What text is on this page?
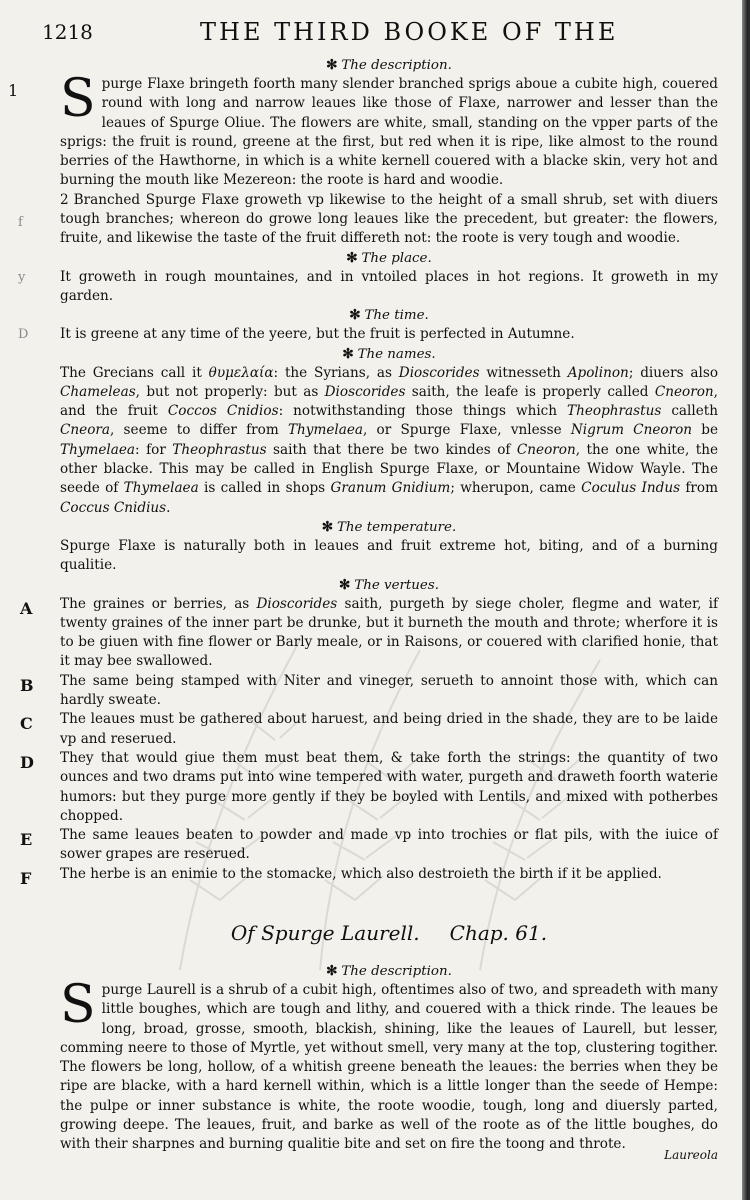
1218	THE THIRD BOOKE OF THE

✻ The description.

1 S purge Flaxe bringeth foorth many slender branched sprigs aboue a cubite high, couered round with long and narrow leaues like those of Flaxe, narrower and lesser than the leaues of Spurge Oliue. The flowers are white, small, standing on the vpper parts of the sprigs: the fruit is round, greene at the first, but red when it is ripe, like almost to the round berries of the Hawthorne, in which is a white kernell couered with a blacke skin, very hot and burning the mouth like Mezereon: the roote is hard and woodie.
f
2 Branched Spurge Flaxe groweth vp likewise to the height of a small shrub, set with diuers tough branches; whereon do growe long leaues like the precedent, but greater: the flowers, fruite, and likewise the taste of the fruit differeth not: the roote is very tough and woodie.

✻ The place.

y	It groweth in rough mountaines, and in vntoiled places in hot regions. It groweth in my garden.

✻ The time.

D It is greene at any time of the yeere, but the fruit is perfected in Autumne.

✻ The names.

The Grecians call it θυμελαία: the Syrians, as Dioscorides witnesseth Apolinon; diuers also Chameleas, but not properly: but as Dioscorides saith, the leafe is properly called Cneoron, and the fruit Coccos Cnidios: notwithstanding those things which Theophrastus calleth Cneora, seeme to differ from Thymelaea, or Spurge Flaxe, vnlesse Nigrum Cneoron be Thymelaea: for Theophrastus saith that there be two kindes of Cneoron, the one white, the other blacke. This may be called in English Spurge Flaxe, or Mountaine Widow Wayle. The seede of Thymelaea is called in shops Granum Gnidium; wherupon, came Coculus Indus from Coccus Cnidius.

✻ The temperature.

Spurge Flaxe is naturally both in leaues and fruit extreme hot, biting, and of a burning qualitie.

✻ The vertues.

A The graines or berries, as Dioscorides saith, purgeth by siege choler, flegme and water, if twenty graines of the inner part be drunke, but it burneth the mouth and throte; wherfore it is to be giuen with fine flower or Barly meale, or in Raisons, or couered with clarified honie, that it may bee swallowed.
B The same being stamped with Niter and vineger, serueth to annoint those with, which can hardly sweate.
C The leaues must be gathered about haruest, and being dried in the shade, they are to be laide vp and reserued.
D They that would giue them must beat them, & take forth the strings: the quantity of two ounces and two drams put into wine tempered with water, purgeth and draweth foorth waterie humors: but they purge more gently if they be boyled with Lentils, and mixed with potherbes chopped.
E The same leaues beaten to powder and made vp into trochies or flat pils, with the iuice of sower grapes are reserued.
F The herbe is an enimie to the stomacke, which also destroieth the birth if it be applied.

Of Spurge Laurell. Chap. 61.

✻ The description.

S purge Laurell is a shrub of a cubit high, oftentimes also of two, and spreadeth with many little boughes, which are tough and lithy, and couered with a thick rinde. The leaues be long, broad, grosse, smooth, blackish, shining, like the leaues of Laurell, but lesser, comming neere to those of Myrtle, yet without smell, very many at the top, clustering togither. The flowers be long, hollow, of a whitish greene beneath the leaues: the berries when they be ripe are blacke, with a hard kernell within, which is a little longer than the seede of Hempe: the pulpe or inner substance is white, the roote woodie, tough, long and diuersly parted, growing deepe. The leaues, fruit, and barke as well of the roote as of the little boughes, do with their sharpnes and burning qualitie bite and set on fire the toong and throte.
Laureola
